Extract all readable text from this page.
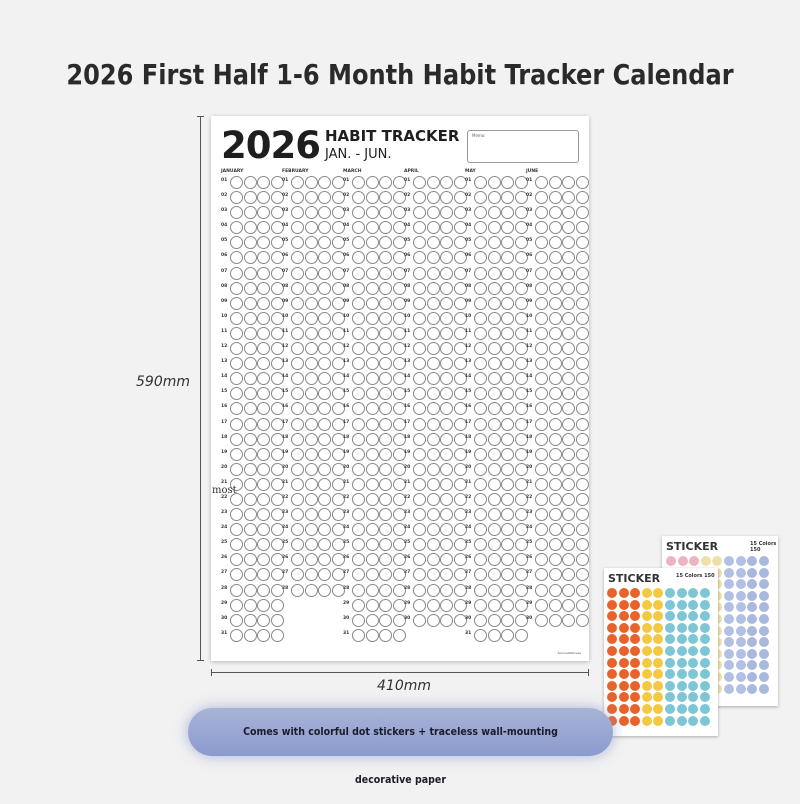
2026 First Half 1-6 Month Habit Tracker Calendar
590mm
2026 HABIT TRACKER
JAN. - JUN.
Memo:
JANUARY
01
02
03
04
05
06
07
08
09
10
11
12
13
14
15
16
17
18
19
20
21
22
23
24
25
26
27
28
29
30
31
FEBRUARY
01
02
03
04
05
06
07
08
09
10
11
12
13
14
15
16
17
18
19
20
21
22
23
24
25
26
27
28
MARCH
01
02
03
04
05
06
07
08
09
10
11
12
13
14
15
16
17
18
19
20
21
22
23
24
25
26
27
28
29
30
31
APRIL
01
02
03
04
05
06
07
08
09
10
11
12
13
14
15
16
17
18
19
20
21
22
23
24
25
26
27
28
29
30
MAY
01
02
03
04
05
06
07
08
09
10
11
12
13
14
15
16
17
18
19
20
21
22
23
24
25
26
27
28
29
30
31
JUNE
01
02
03
04
05
06
07
08
09
10
11
12
13
14
15
16
17
18
19
20
21
22
23
24
25
26
27
28
29
30
SonnieWellness
most
410mm
STICKER	15 Colors 150
STICKER	15 Colors 150
Comes with colorful dot stickers + traceless wall-mounting decorative paper
